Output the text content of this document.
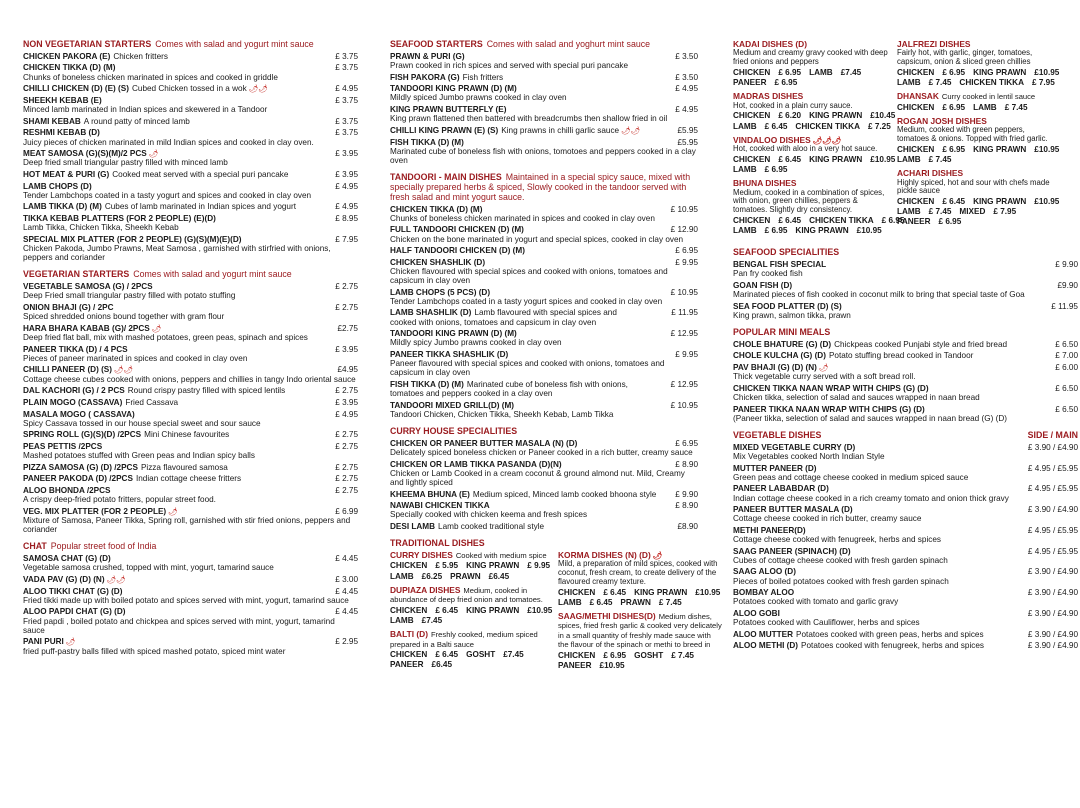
NON VEGETARIAN STARTERS Comes with salad and yogurt mint sauce
CHICKEN PAKORA (E) Chicken fritters	£ 3.75
CHICKEN TIKKA (D) (M)	£ 3.75
Chunks of boneless chicken marinated in spices and cooked in griddle
CHILLI CHICKEN (D) (E) (S) Cubed Chicken tossed in a wok 🌶🌶	£ 4.95
SHEEKH KEBAB (E)	£ 3.75
Minced lamb marinated in Indian spices and skewered in a Tandoor
SHAMI KEBAB A round patty of minced lamb	£ 3.75
RESHMI KEBAB (D)	£ 3.75
Juicy pieces of chicken marinated in mild Indian spices and cooked in clay oven.
MEAT SAMOSA (G)(S)(M)/2 PCS 🌶	£ 3.95
Deep fried small triangular pastry filled with minced lamb
HOT MEAT & PURI (G) Cooked meat served with a special puri pancake	£ 3.95
LAMB CHOPS (D)	£ 4.95
Tender Lambchops coated in a tasty yogurt and spices and cooked in clay oven
LAMB TIKKA (D) (M) Cubes of lamb marinated in Indian spices and yogurt	£ 4.95
TIKKA KEBAB PLATTERS (FOR 2 PEOPLE) (E)(D)	£ 8.95
Lamb Tikka, Chicken Tikka, Sheekh Kebab
SPECIAL MIX PLATTER (FOR 2 PEOPLE) (G)(S)(M)(E)(D)	£ 7.95
Chicken Pakoda, Jumbo Prawns, Meat Samosa , garnished with stirfried with onions, peppers and coriander
VEGETARIAN STARTERS Comes with salad and yogurt mint sauce
VEGETABLE SAMOSA (G) / 2PCS	£ 2.75
Deep Fried small triangular pastry filled with potato stuffing
ONION BHAJI (G) / 2PC	£ 2.75
Spiced shredded onions bound together with gram flour
HARA BHARA KABAB (G)/ 2PCS 🌶	£2.75
Deep fried flat ball, mix with mashed potatoes, green peas, spinach and spices
PANEER TIKKA (D) / 4 PCS	£ 3.95
Pieces of paneer marinated in spices and cooked in clay oven
CHILLI PANEER (D) (S) 🌶🌶	£4.95
Cottage cheese cubes cooked with onions, peppers and chillies in tangy Indo oriental sauce
DAL KACHORI (G) / 2 PCS Round crispy pastry filled with spiced lentils	£ 2.75
PLAIN MOGO (CASSAVA) Fried Cassava	£ 3.95
MASALA MOGO ( CASSAVA)	£ 4.95
Spicy Cassava tossed in our house special sweet and sour sauce
SPRING ROLL (G)(S)(D) /2PCS Mini Chinese favourites	£ 2.75
PEAS PETTIS /2PCS	£ 2.75
Mashed potatoes stuffed with Green peas and Indian spicy balls
PIZZA SAMOSA (G) (D) /2PCS Pizza flavoured samosa	£ 2.75
PANEER PAKODA (D) /2PCS Indian cottage cheese fritters	£ 2.75
ALOO BHONDA /2PCS	£ 2.75
A crispy deep-fried potato fritters, popular street food.
VEG. MIX PLATTER (FOR 2 PEOPLE) 🌶	£ 6.99
Mixture of Samosa, Paneer Tikka, Spring roll, garnished with stir fried onions, peppers and coriander
CHAT Popular street food of India
SAMOSA CHAT (G) (D)	£ 4.45
Vegetable samosa crushed, topped with mint, yogurt, tamarind sauce
VADA PAV (G) (D) (N) 🌶🌶	£ 3.00
ALOO TIKKI CHAT (G) (D)	£ 4.45
Fried tikki made up with boiled potato and spices served with mint, yogurt, tamarind sauce
ALOO PAPDI CHAT (G) (D)	£ 4.45
Fried papdi , boiled potato and chickpea and spices served with mint, yogurt, tamarind sauce
PANI PURI 🌶	£ 2.95
fried puff-pastry balls filled with spiced mashed potato, spiced mint water
SEAFOOD STARTERS Comes with salad and yoghurt mint sauce
PRAWN & PURI (G)	£ 3.50
Prawn cooked in rich spices and served with special puri pancake
FISH PAKORA (G) Fish fritters	£ 3.50
TANDOORI KING PRAWN (D) (M)	£ 4.95
Mildly spiced Jumbo prawns cooked in clay oven
KING PRAWN BUTTERFLY (E)	£ 4.95
King prawn flattened then battered with breadcrumbs then shallow fried in oil
CHILLI KING PRAWN (E) (S) King prawns in chilli garlic sauce 🌶🌶	£5.95
FISH TIKKA (D) (M)	£5.95
Marinated cube of boneless fish with onions, tomotoes and peppers cooked in a clay oven
TANDOORI - MAIN DISHES Maintained in a special spicy sauce, mixed with specially prepared herbs & spiced, Slowly cooked in the tandoor served with fresh salad and mint yogurt sauce.
CHICKEN TIKKA (D) (M)	£ 10.95
Chunks of boneless chicken marinated in spices and cooked in clay oven
FULL TANDOORI CHICKEN (D) (M)	£ 12.90
Chicken on the bone marinated in yogurt and special spices, cooked in clay oven
HALF TANDOORI CHICKEN (D) (M)	£ 6.95
CHICKEN SHASHLIK (D)	£ 9.95
Chicken flavoured with special spices and cooked with onions, tomatoes and capsicum in clay oven
LAMB CHOPS (5 PCS) (D)	£ 10.95
Tender Lambchops coated in a tasty yogurt spices and cooked in clay oven
LAMB SHASHLIK (D) Lamb flavoured with special spices and	£ 11.95
cooked with onions, tomatoes and capsicum in clay oven
TANDOORI KING PRAWN (D) (M)	£ 12.95
Mildly spicy Jumbo prawns cooked in clay oven
PANEER TIKKA SHASHLIK (D)	£ 9.95
Paneer flavoured with special spices and cooked with onions, tomatoes and capsicum in clay oven
FISH TIKKA (D) (M) Marinated cube of boneless fish with onions,	£ 12.95
tomatoes and peppers cooked in a clay oven
TANDOORI MIXED GRILL(D) (M)	£ 10.95
Tandoori Chicken, Chicken Tikka, Sheekh Kebab, Lamb Tikka
CURRY HOUSE SPECIALITIES
CHICKEN OR PANEER BUTTER MASALA (N) (D)	£ 6.95
Delicately spiced boneless chicken or Paneer cooked in a rich butter, creamy sauce
CHICKEN OR LAMB TIKKA PASANDA (D)(N)	£ 8.90
Chicken or Lamb Cooked in a cream coconut & ground almond nut. Mild, Creamy and lightly spiced
KHEEMA BHUNA (E) Medium spiced, Minced lamb cooked bhoona style £ 9.90
NAWABI CHICKEN TIKKA	£ 8.90
Specially cooked with chicken keema and fresh spices
DESI LAMB Lamb cooked traditional style	£8.90
TRADITIONAL DISHES
CURRY DISHES Cooked with medium spice
CHICKEN £ 5.95 KING PRAWN £ 9.95
LAMB £6.25 PRAWN £6.45
DUPIAZA DISHES Medium, cooked in abundance of deep fried onion and tomatoes.
CHICKEN £ 6.45 KING PRAWN £10.95
LAMB £7.45
BALTI (D) Freshly cooked, medium spiced prepared in a Balti sauce
CHICKEN £ 6.45 GOSHT £7.45
PANEER £6.45
KORMA DISHES (N) (D) 🌶
Mild, a preparation of mild spices, cooked with coconut, fresh cream, to create delivery of the flavoured creamy texture.
CHICKEN £ 6.45 KING PRAWN £10.95
LAMB £ 6.45 PRAWN £ 7.45
SAAG/METHI DISHES(D) Medium dishes, spices, fried fresh garlic & cooked very delicately in a small quantity of freshly made sauce with the flavour of the spinach or methi to breed in
CHICKEN £ 6.95 GOSHT £ 7.45
PANEER £10.95
KADAI DISHES (D)
Medium and creamy gravy cooked with deep fried onions and peppers
CHICKEN £ 6.95 LAMB £7.45
PANEER £ 6.95
MADRAS DISHES
Hot, cooked in a plain curry sauce.
CHICKEN £ 6.20 KING PRAWN £10.45
LAMB £ 6.45 CHICKEN TIKKA £ 7.25
VINDALOO DISHES 🌶🌶🌶
Hot, cooked with aloo in a very hot sauce.
CHICKEN £ 6.45 KING PRAWN £10.95
LAMB £ 6.95
BHUNA DISHES
Medium, cooked in a combination of spices, with onion, green chillies, peppers & tomatoes. Slightly dry consistency.
CHICKEN £ 6.45 CHICKEN TIKKA £ 6.95
LAMB £ 6.95 KING PRAWN £10.95
JALFREZI DISHES
Fairly hot, with garlic, ginger, tomatoes, capsicum, onion & sliced green chillies
CHICKEN £ 6.95 KING PRAWN £10.95
LAMB £ 7.45 CHICKEN TIKKA £ 7.95
DHANSAK Curry cooked in lentil sauce
CHICKEN £ 6.95 LAMB £ 7.45
ROGAN JOSH DISHES
Medium, cooked with green peppers, tomatoes & onions. Topped with fried garlic.
CHICKEN £ 6.95 KING PRAWN £10.95
LAMB £ 7.45
ACHARI DISHES
Highly spiced, hot and sour with chefs made pickle sauce
CHICKEN £ 6.45 KING PRAWN £10.95
LAMB £ 7.45 MIXED £ 7.95
PANEER £ 6.95
SEAFOOD SPECIALITIES
BENGAL FISH SPECIAL	£ 9.90
Pan fry cooked fish
GOAN FISH (D)	£9.90
Marinated pieces of fish cooked in coconut milk to bring that special taste of Goa
SEA FOOD PLATTER (D) (S)	£ 11.95
King prawn, salmon tikka, prawn
POPULAR MINI MEALS
CHOLE BHATURE (G) (D) Chickpeas cooked Punjabi style and fried bread	£ 6.50
CHOLE KULCHA (G) (D) Potato stuffing bread cooked in Tandoor	£ 7.00
PAV BHAJI (G) (D) (N) 🌶	£ 6.00
Thick vegetable curry served with a soft bread roll.
CHICKEN TIKKA NAAN WRAP WITH CHIPS (G) (D)	£ 6.50
Chicken tikka, selection of salad and sauces wrapped in naan bread
PANEER TIKKA NAAN WRAP WITH CHIPS (G) (D)	£ 6.50
(Paneer tikka, selection of salad and sauces wrapped in naan bread (G) (D)
VEGETABLE DISHES	SIDE / MAIN
MIXED VEGETABLE CURRY (D)	£ 3.90 / £4.90
Mix Vegetables cooked North Indian Style
MUTTER PANEER (D)	£ 4.95 / £5.95
Green peas and cottage cheese cooked in medium spiced sauce
PANEER LABABDAR (D)	£ 4.95 / £5.95
Indian cottage cheese cooked in a rich creamy tomato and onion thick gravy
PANEER BUTTER MASALA (D)	£ 3.90 / £4.90
Cottage cheese cooked in rich butter, creamy sauce
METHI PANEER(D)	£ 4.95 / £5.95
Cottage cheese cooked with fenugreek, herbs and spices
SAAG PANEER (SPINACH) (D)	£ 4.95 / £5.95
Cubes of cottage cheese cooked with fresh garden spinach
SAAG ALOO (D)	£ 3.90 / £4.90
Pieces of boiled potatoes cooked with fresh garden spinach
BOMBAY ALOO	£ 3.90 / £4.90
Potatoes cooked with tomato and garlic gravy
ALOO GOBI	£ 3.90 / £4.90
Potatoes cooked with Cauliflower, herbs and spices
ALOO MUTTER Potatoes cooked with green peas, herbs and spices	£ 3.90 / £4.90
ALOO METHI (D) Potatoes cooked with fenugreek, herbs and spices	£ 3.90 / £4.90
